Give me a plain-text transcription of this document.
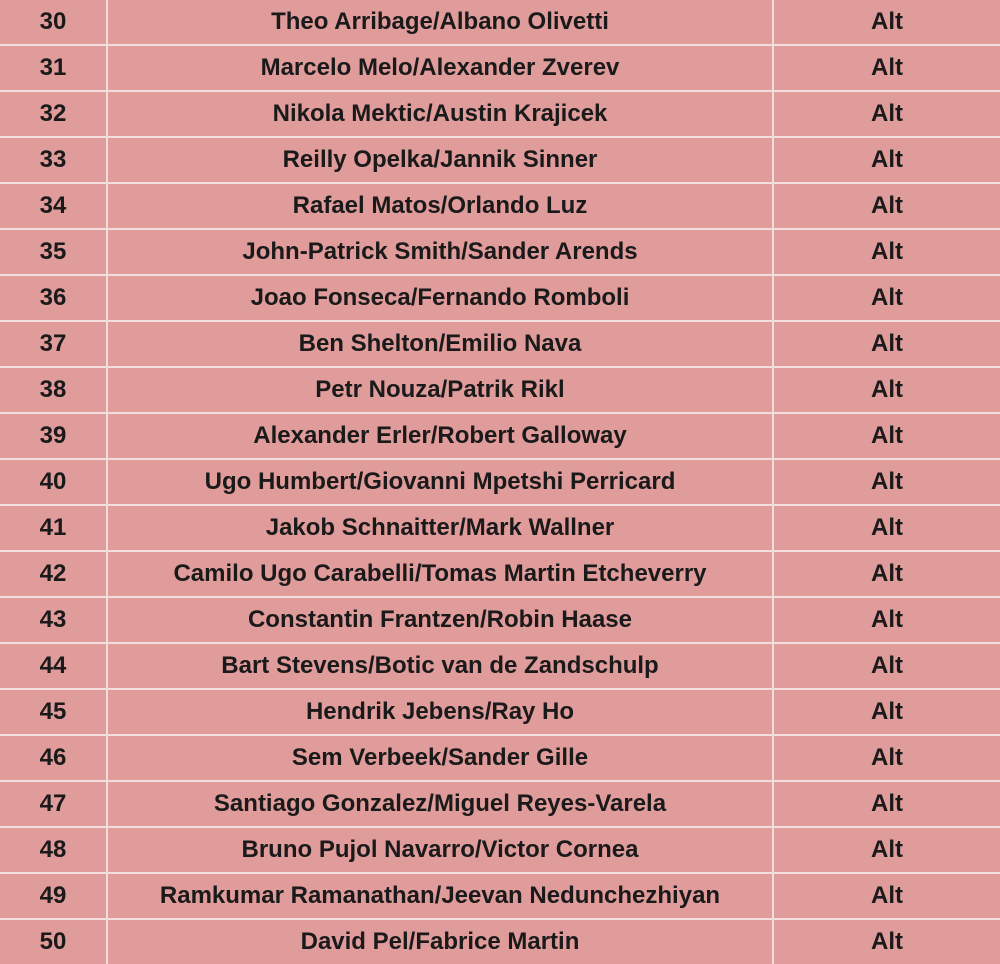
30	Theo Arribage/Albano Olivetti	Alt
31	Marcelo Melo/Alexander Zverev	Alt
32	Nikola Mektic/Austin Krajicek	Alt
33	Reilly Opelka/Jannik Sinner	Alt
34	Rafael Matos/Orlando Luz	Alt
35	John-Patrick Smith/Sander Arends	Alt
36	Joao Fonseca/Fernando Romboli	Alt
37	Ben Shelton/Emilio Nava	Alt
38	Petr Nouza/Patrik Rikl	Alt
39	Alexander Erler/Robert Galloway	Alt
40	Ugo Humbert/Giovanni Mpetshi Perricard	Alt
41	Jakob Schnaitter/Mark Wallner	Alt
42	Camilo Ugo Carabelli/Tomas Martin Etcheverry	Alt
43	Constantin Frantzen/Robin Haase	Alt
44	Bart Stevens/Botic van de Zandschulp	Alt
45	Hendrik Jebens/Ray Ho	Alt
46	Sem Verbeek/Sander Gille	Alt
47	Santiago Gonzalez/Miguel Reyes-Varela	Alt
48	Bruno Pujol Navarro/Victor Cornea	Alt
49	Ramkumar Ramanathan/Jeevan Nedunchezhiyan	Alt
50	David Pel/Fabrice Martin	Alt
